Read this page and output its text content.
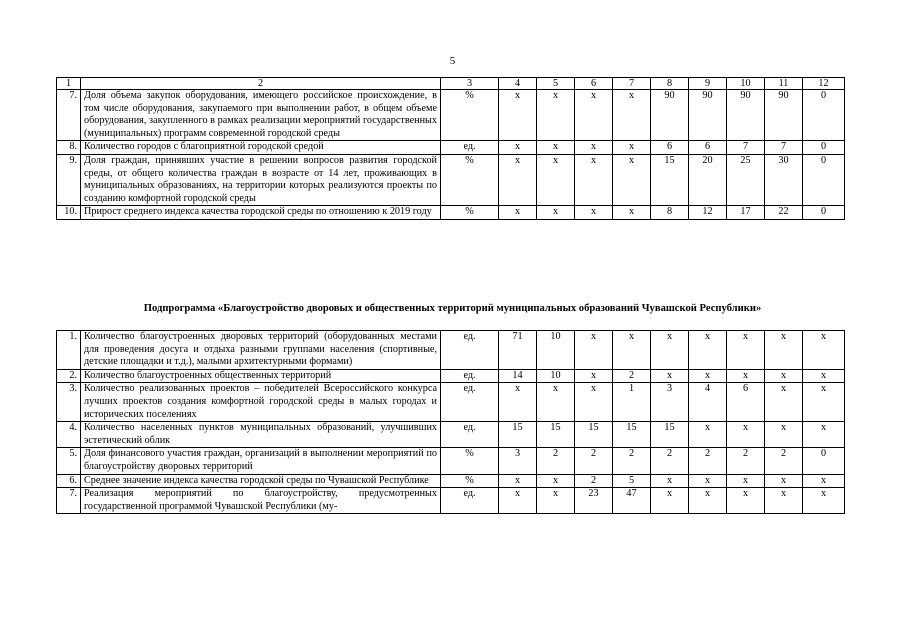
5
1	2	3	4	5	6	7	8	9	10	11	12
7.	Доля объема закупок оборудования, имеющего российское происхождение, в том числе оборудования, закупаемого при выполнении работ, в общем объеме оборудования, закупленного в рамках реализации мероприятий государственных (муниципальных) программ современной городской среды	%	x	x	x	x	90	90	90	90	0
8.	Количество городов с благоприятной городской средой	ед.	x	x	x	x	6	6	7	7	0
9.	Доля граждан, принявших участие в решении вопросов развития городской среды, от общего количества граждан в возрасте от 14 лет, проживающих в муниципальных образованиях, на территории которых реализуются проекты по созданию комфортной городской среды	%	x	x	x	x	15	20	25	30	0
10.	Прирост среднего индекса качества городской среды по отношению к 2019 году	%	x	x	x	x	8	12	17	22	0
Подпрограмма «Благоустройство дворовых и общественных территорий муниципальных образований Чувашской Республики»
1.	Количество благоустроенных дворовых территорий (оборудованных местами для проведения досуга и отдыха разными группами населения (спортивные, детские площадки и т.д.), малыми архитектурными формами)	ед.	71	10	x	x	x	x	x	x	x
2.	Количество благоустроенных общественных территорий	ед.	14	10	x	2	x	x	x	x	x
3.	Количество реализованных проектов – победителей Всероссийского конкурса лучших проектов создания комфортной городской среды в малых городах и исторических поселениях	ед.	x	x	x	1	3	4	6	x	x
4.	Количество населенных пунктов муниципальных образований, улучшивших эстетический облик	ед.	15	15	15	15	15	x	x	x	x
5.	Доля финансового участия граждан, организаций в выполнении мероприятий по благоустройству дворовых территорий	%	3	2	2	2	2	2	2	2	0
6.	Среднее значение индекса качества городской среды по Чувашской Республике	%	x	x	2	5	x	x	x	x	x
7.	Реализация мероприятий по благоустройству, предусмотренных государственной программой Чувашской Республики (му-	ед.	x	x	23	47	x	x	x	x	x
